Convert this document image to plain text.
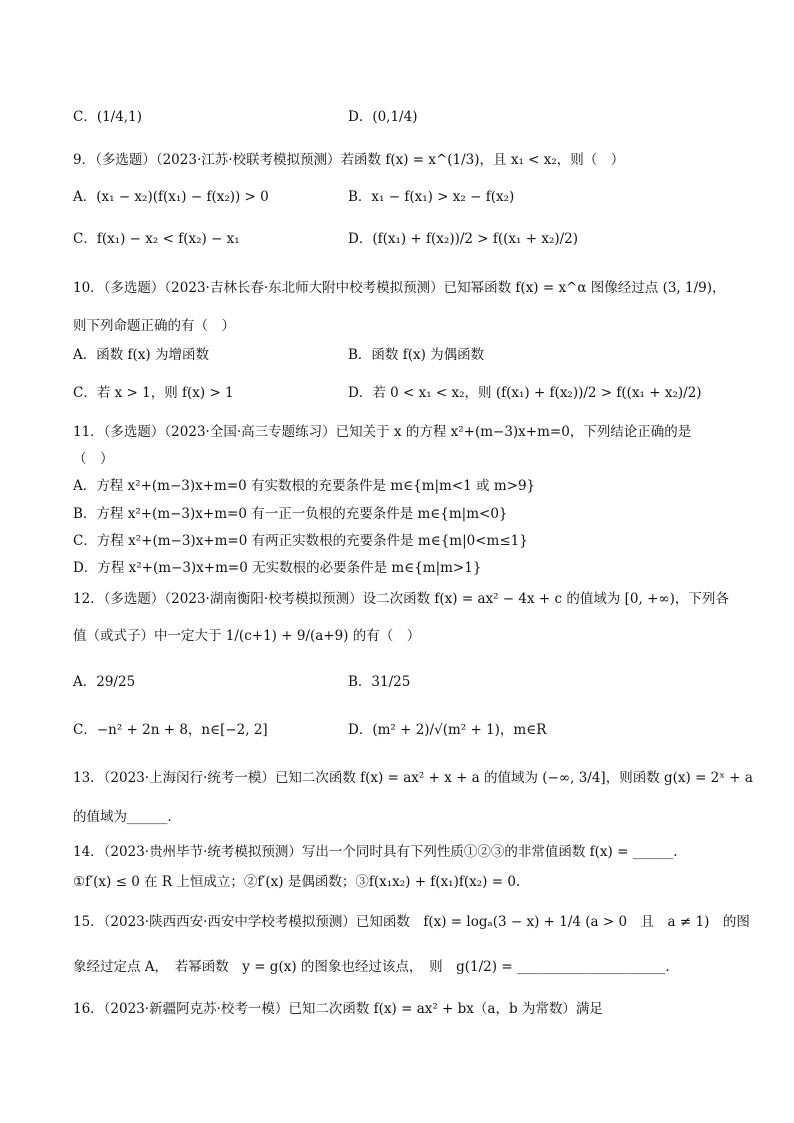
C．(1/4,1)	D．(0,1/4)
9．（多选题）（2023·江苏·校联考模拟预测）若函数 f(x) = x^(1/3)，且 x₁ < x₂，则（　）
A．(x₁ − x₂)(f(x₁) − f(x₂)) > 0	B．x₁ − f(x₁) > x₂ − f(x₂)
C．f(x₁) − x₂ < f(x₂) − x₁	D．(f(x₁) + f(x₂))/2 > f((x₁ + x₂)/2)
10．（多选题）（2023·吉林长春·东北师大附中校考模拟预测）已知幂函数 f(x) = x^α 图像经过点 (3, 1/9)，
则下列命题正确的有（　）
A．函数 f(x) 为增函数	B．函数 f(x) 为偶函数
C．若 x > 1，则 f(x) > 1	D．若 0 < x₁ < x₂，则 (f(x₁) + f(x₂))/2 > f((x₁ + x₂)/2)
11．（多选题）（2023·全国·高三专题练习）已知关于 x 的方程 x²+(m−3)x+m=0，下列结论正确的是
（　）
A．方程 x²+(m−3)x+m=0 有实数根的充要条件是 m∈{m|m<1 或 m>9}
B．方程 x²+(m−3)x+m=0 有一正一负根的充要条件是 m∈{m|m<0}
C．方程 x²+(m−3)x+m=0 有两正实数根的充要条件是 m∈{m|0<m≤1}
D．方程 x²+(m−3)x+m=0 无实数根的必要条件是 m∈{m|m>1}
12．（多选题）（2023·湖南衡阳·校考模拟预测）设二次函数 f(x) = ax² − 4x + c 的值域为 [0, +∞)，下列各
值（或式子）中一定大于 1/(c+1) + 9/(a+9) 的有（　）
A．29/25	B．31/25
C．−n² + 2n + 8，n∈[−2, 2]	D．(m² + 2)/√(m² + 1)，m∈R
13．（2023·上海闵行·统考一模）已知二次函数 f(x) = ax² + x + a 的值域为 (−∞, 3/4]，则函数 g(x) = 2ˣ + a
的值域为______．
14．（2023·贵州毕节·统考模拟预测）写出一个同时具有下列性质①②③的非常值函数 f(x) = ______.
①f′(x) ≤ 0 在 R 上恒成立；②f′(x) 是偶函数；③f(x₁x₂) + f(x₁)f(x₂) = 0.
15．（2023·陕西西安·西安中学校考模拟预测）已知函数　f(x) = logₐ(3 − x) + 1/4 (a > 0　且　a ≠ 1)　的图
象经过定点 A，　若幂函数　y = g(x) 的图象也经过该点，　则　g(1/2) = ______________________．
16．（2023·新疆阿克苏·校考一模）已知二次函数 f(x) = ax² + bx（a，b 为常数）满足
